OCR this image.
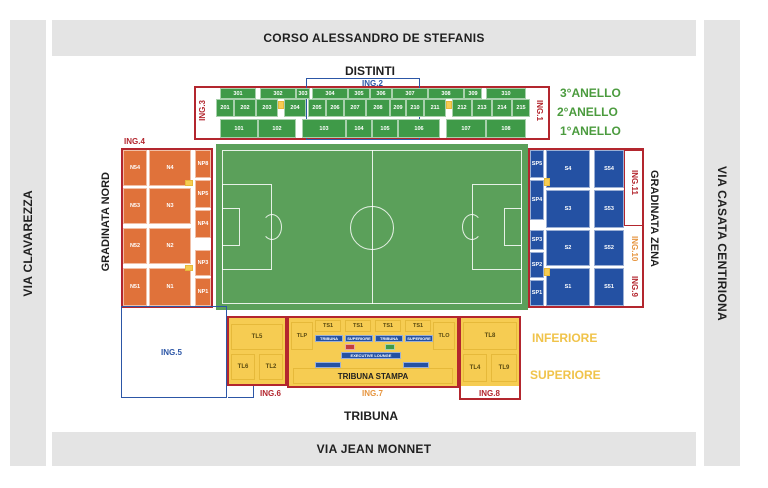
CORSO ALESSANDRO DE STEFANIS
VIA JEAN MONNET
VIA CLAVAREZZA	VIA CASATA CENTIRIONA
DISTINTI
ING.2
301	302	303	304	305	306	307	308	309	310
201	202	203	204	205	206	207	208	209	210	211	212	213	214	215
101	102	103	104	105	106	107	108
ING.3	ING.1
3°ANELLO
2°ANELLO
1°ANELLO
GRADINATA NORD
ING.4
N54
N53
N52
N51
N4
N3
N2
N1
NP8
NP5
NP4
NP3
NP1
SP5
SP4
SP3
SP2
SP1
S4
S3
S2
S1
S54
S53
S52
S51
ING.11
ING.10
ING.9
GRADINATA ZENA
ING.5
TL5
TL6	TL2
TLP
TS1	TS1	TS1	TS1
TLO
TRIBUNA	SUPERIORE	TRIBUNA	SUPERIORE
EXECUTIVE LOUNGE
TRIBUNA STAMPA
TL8
TL4	TL9
ING.6	ING.7	ING.8
TRIBUNA
INFERIORE
SUPERIORE
